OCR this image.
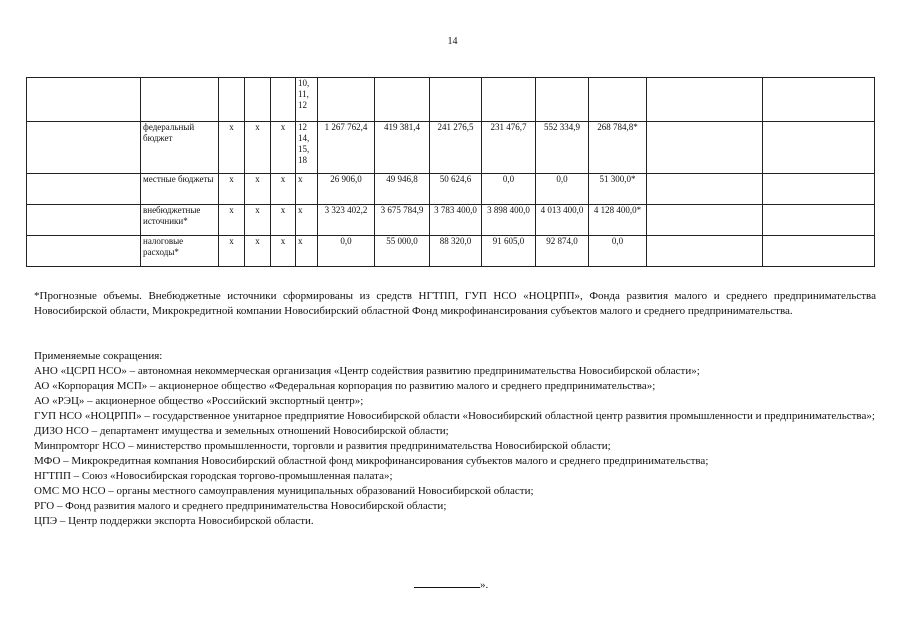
14
					10,
11,
12								
	федеральный бюджет	х	х	х	12
14,
15,
18	1 267 762,4	419 381,4	241 276,5	231 476,7	552 334,9	268 784,8*		
	местные бюджеты	х	х	х	х	26 906,0	49 946,8	50 624,6	0,0	0,0	51 300,0*		
	внебюджетные источники*	х	х	х	х	3 323 402,2	3 675 784,9	3 783 400,0	3 898 400,0	4 013 400,0	4 128 400,0*		
	налоговые расходы*	х	х	х	х	0,0	55 000,0	88 320,0	91 605,0	92 874,0	0,0		
*Прогнозные объемы. Внебюджетные источники сформированы из средств НГТПП, ГУП НСО «НОЦРПП», Фонда развития малого и среднего предпринимательства Новосибирской области, Микрокредитной компании Новосибирский областной Фонд микрофинансирования субъектов малого и среднего предпринимательства.
Применяемые сокращения:
АНО «ЦСРП НСО» – автономная некоммерческая организация «Центр содействия развитию предпринимательства Новосибирской области»;
АО «Корпорация МСП» – акционерное общество «Федеральная корпорация по развитию малого и среднего предпринимательства»;
АО «РЭЦ» – акционерное общество «Российский экспортный центр»;
ГУП НСО «НОЦРПП» – государственное унитарное предприятие Новосибирской области «Новосибирский областной центр развития промышленности и предпринимательства»;
ДИЗО НСО – департамент имущества и земельных отношений Новосибирской области;
Минпромторг НСО – министерство промышленности, торговли и развития предпринимательства Новосибирской области;
МФО – Микрокредитная компания Новосибирский областной фонд микрофинансирования субъектов малого и среднего предпринимательства;
НГТПП – Союз «Новосибирская городская торгово-промышленная палата»;
ОМС МО НСО – органы местного самоуправления муниципальных образований Новосибирской области;
РГО – Фонд развития малого и среднего предпринимательства Новосибирской области;
ЦПЭ – Центр поддержки экспорта Новосибирской области.
».
